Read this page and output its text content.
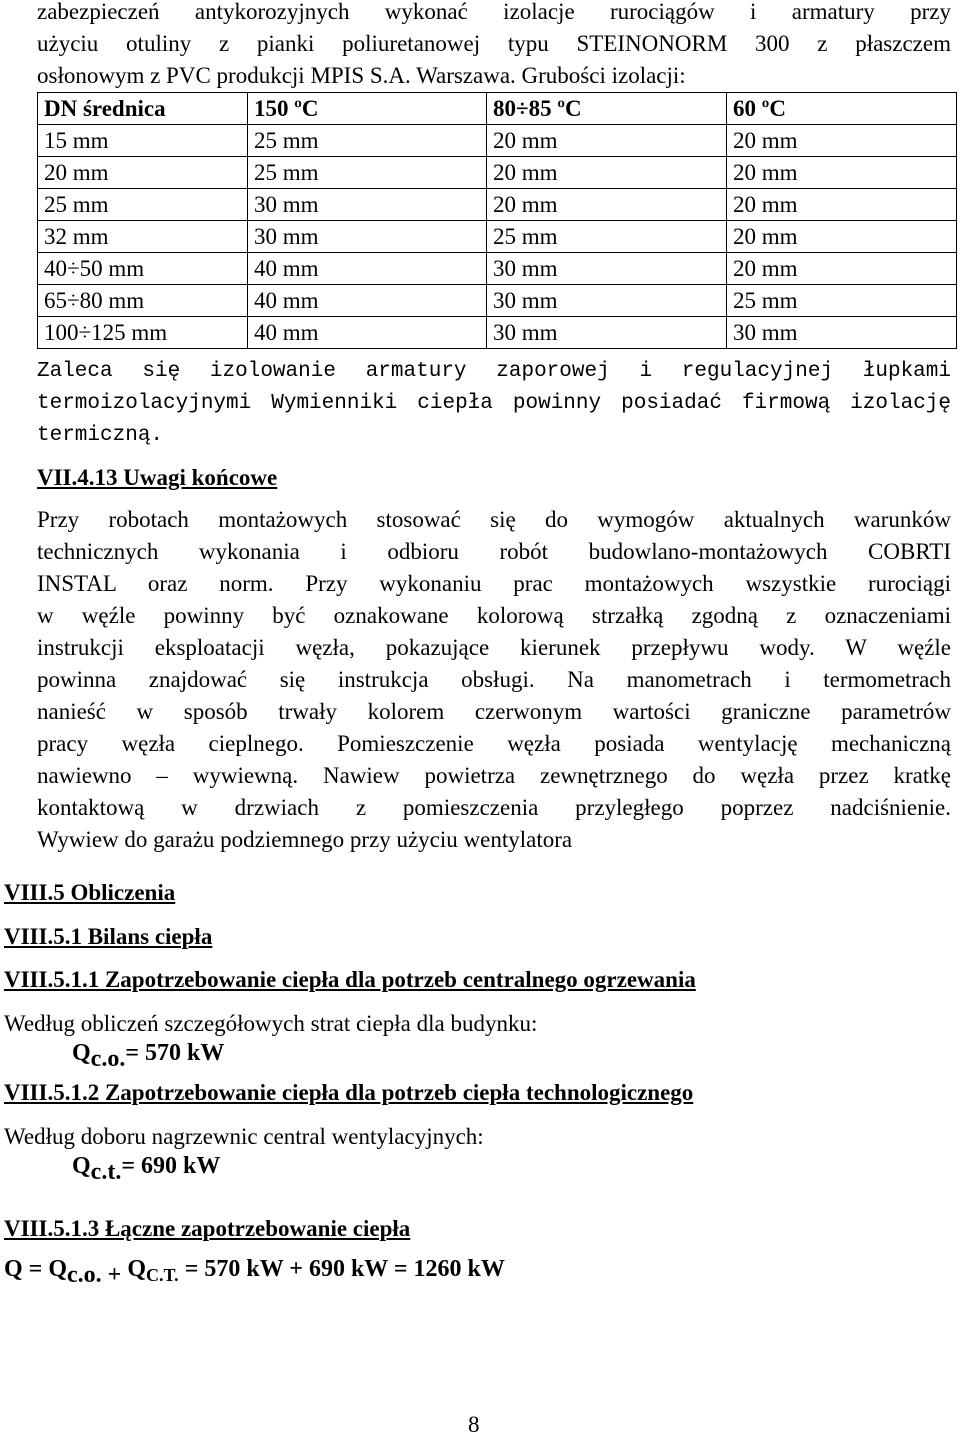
zabezpieczeń antykorozyjnych wykonać izolacje rurociągów i armatury przy
użyciu otuliny z pianki poliuretanowej typu STEINONORM 300 z płaszczem
osłonowym z PVC produkcji MPIS S.A. Warszawa. Grubości izolacji:
DN średnica	150 ºC	80÷85 ºC	60 ºC
15 mm	25 mm	20 mm	20 mm
20 mm	25 mm	20 mm	20 mm
25 mm	30 mm	20 mm	20 mm
32 mm	30 mm	25 mm	20 mm
40÷50 mm	40 mm	30 mm	20 mm
65÷80 mm	40 mm	30 mm	25 mm
100÷125 mm	40 mm	30 mm	30 mm
Zaleca się izolowanie armatury zaporowej i regulacyjnej łupkami
termoizolacyjnymi Wymienniki ciepła powinny posiadać firmową izolację
termiczną.
VII.4.13 Uwagi końcowe
Przy robotach montażowych stosować się do wymogów aktualnych warunków
technicznych wykonania i odbioru robót budowlano-montażowych COBRTI
INSTAL oraz norm. Przy wykonaniu prac montażowych wszystkie rurociągi
w węźle powinny być oznakowane kolorową strzałką zgodną z oznaczeniami
instrukcji eksploatacji węzła, pokazujące kierunek przepływu wody. W węźle
powinna znajdować się instrukcja obsługi. Na manometrach i termometrach
nanieść w sposób trwały kolorem czerwonym wartości graniczne parametrów
pracy węzła cieplnego. Pomieszczenie węzła posiada wentylację mechaniczną
nawiewno – wywiewną. Nawiew powietrza zewnętrznego do węzła przez kratkę
kontaktową w drzwiach z pomieszczenia przyległego poprzez nadciśnienie.
Wywiew do garażu podziemnego przy użyciu wentylatora
VIII.5 Obliczenia
VIII.5.1 Bilans ciepła
VIII.5.1.1 Zapotrzebowanie ciepła dla potrzeb centralnego ogrzewania
Według obliczeń szczegółowych strat ciepła dla budynku:
Qc.o.= 570 kW
VIII.5.1.2 Zapotrzebowanie ciepła dla potrzeb ciepła technologicznego
Według doboru nagrzewnic central wentylacyjnych:
Qc.t.= 690 kW
VIII.5.1.3 Łączne zapotrzebowanie ciepła
Q = Qc.o. + $Q_{C.T.} = 570$ kW + 690 kW = 1260 kW
8
